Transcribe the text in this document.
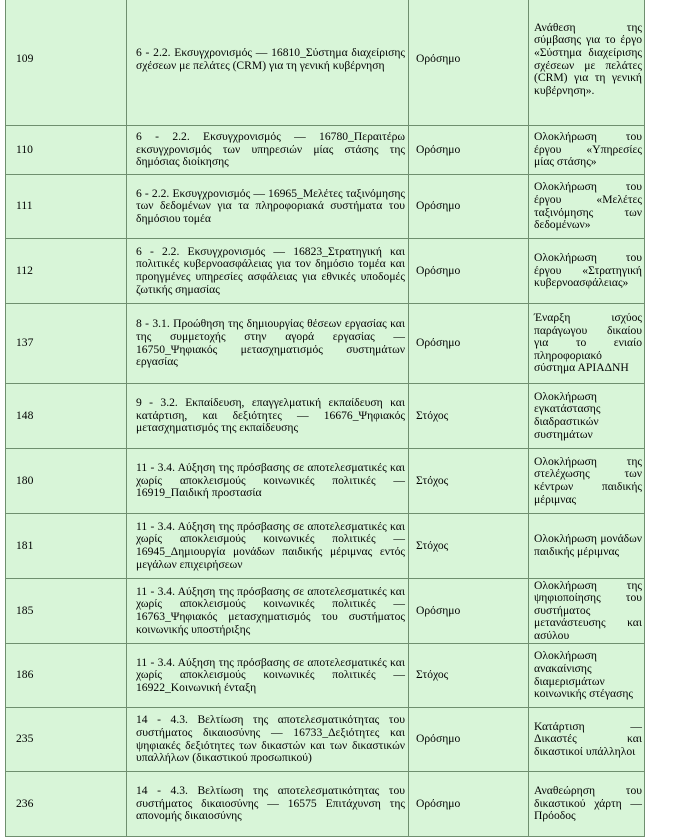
109	6 - 2.2. Εκσυγχρονισμός — 16810_Σύστημα διαχείρισης σχέσεων με πελάτες (CRM) για τη γενική κυβέρνηση	Ορόσημο	Ανάθεση της σύμβασης για το έργο «Σύστημα διαχείρισης σχέσεων με πελάτες (CRM) για τη γενική κυβέρνηση».
110	6 - 2.2. Εκσυγχρονισμός — 16780_Περαιτέρω εκσυγχρονισμός των υπηρεσιών μίας στάσης της δημόσιας διοίκησης	Ορόσημο	Ολοκλήρωση του έργου «Υπηρεσίες μίας στάσης»
111	6 - 2.2. Εκσυγχρονισμός — 16965_Μελέτες ταξινόμησης των δεδομένων για τα πληροφοριακά συστήματα του δημόσιου τομέα	Ορόσημο	Ολοκλήρωση του έργου «Μελέτες ταξινόμησης των δεδομένων»
112	6 - 2.2. Εκσυγχρονισμός — 16823_Στρατηγική και πολιτικές κυβερνοασφάλειας για τον δημόσιο τομέα και προηγμένες υπηρεσίες ασφάλειας για εθνικές υποδομές ζωτικής σημασίας	Ορόσημο	Ολοκλήρωση του έργου «Στρατηγική κυβερνοασφάλειας»
137	8 - 3.1. Προώθηση της δημιουργίας θέσεων εργασίας και της συμμετοχής στην αγορά εργασίας — 16750_Ψηφιακός μετασχηματισμός συστημάτων εργασίας	Ορόσημο	Έναρξη ισχύος παράγωγου δικαίου για το ενιαίο πληροφοριακό σύστημα ΑΡΙΑΔΝΗ
148	9 - 3.2. Εκπαίδευση, επαγγελματική εκπαίδευση και κατάρτιση, και δεξιότητες — 16676_Ψηφιακός μετασχηματισμός της εκπαίδευσης	Στόχος	Ολοκλήρωση εγκατάστασης διαδραστικών συστημάτων
180	11 - 3.4. Αύξηση της πρόσβασης σε αποτελεσματικές και χωρίς αποκλεισμούς κοινωνικές πολιτικές — 16919_Παιδική προστασία	Στόχος	Ολοκλήρωση της στελέχωσης των κέντρων παιδικής μέριμνας
181	11 - 3.4. Αύξηση της πρόσβασης σε αποτελεσματικές και χωρίς αποκλεισμούς κοινωνικές πολιτικές — 16945_Δημιουργία μονάδων παιδικής μέριμνας εντός μεγάλων επιχειρήσεων	Στόχος	Ολοκλήρωση μονάδων παιδικής μέριμνας
185	11 - 3.4. Αύξηση της πρόσβασης σε αποτελεσματικές και χωρίς αποκλεισμούς κοινωνικές πολιτικές — 16763_Ψηφιακός μετασχηματισμός του συστήματος κοινωνικής υποστήριξης	Ορόσημο	Ολοκλήρωση της ψηφιοποίησης του συστήματος μετανάστευσης και ασύλου
186	11 - 3.4. Αύξηση της πρόσβασης σε αποτελεσματικές και χωρίς αποκλεισμούς κοινωνικές πολιτικές — 16922_Κοινωνική ένταξη	Στόχος	Ολοκλήρωση ανακαίνισης διαμερισμάτων κοινωνικής στέγασης
235	14 - 4.3. Βελτίωση της αποτελεσματικότητας του συστήματος δικαιοσύνης — 16733_Δεξιότητες και ψηφιακές δεξιότητες των δικαστών και των δικαστικών υπαλλήλων (δικαστικού προσωπικού)	Ορόσημο	Κατάρτιση — Δικαστές και δικαστικοί υπάλληλοι
236	14 - 4.3. Βελτίωση της αποτελεσματικότητας του συστήματος δικαιοσύνης — 16575 Επιτάχυνση της απονομής δικαιοσύνης	Ορόσημο	Αναθεώρηση του δικαστικού χάρτη — Πρόοδος
